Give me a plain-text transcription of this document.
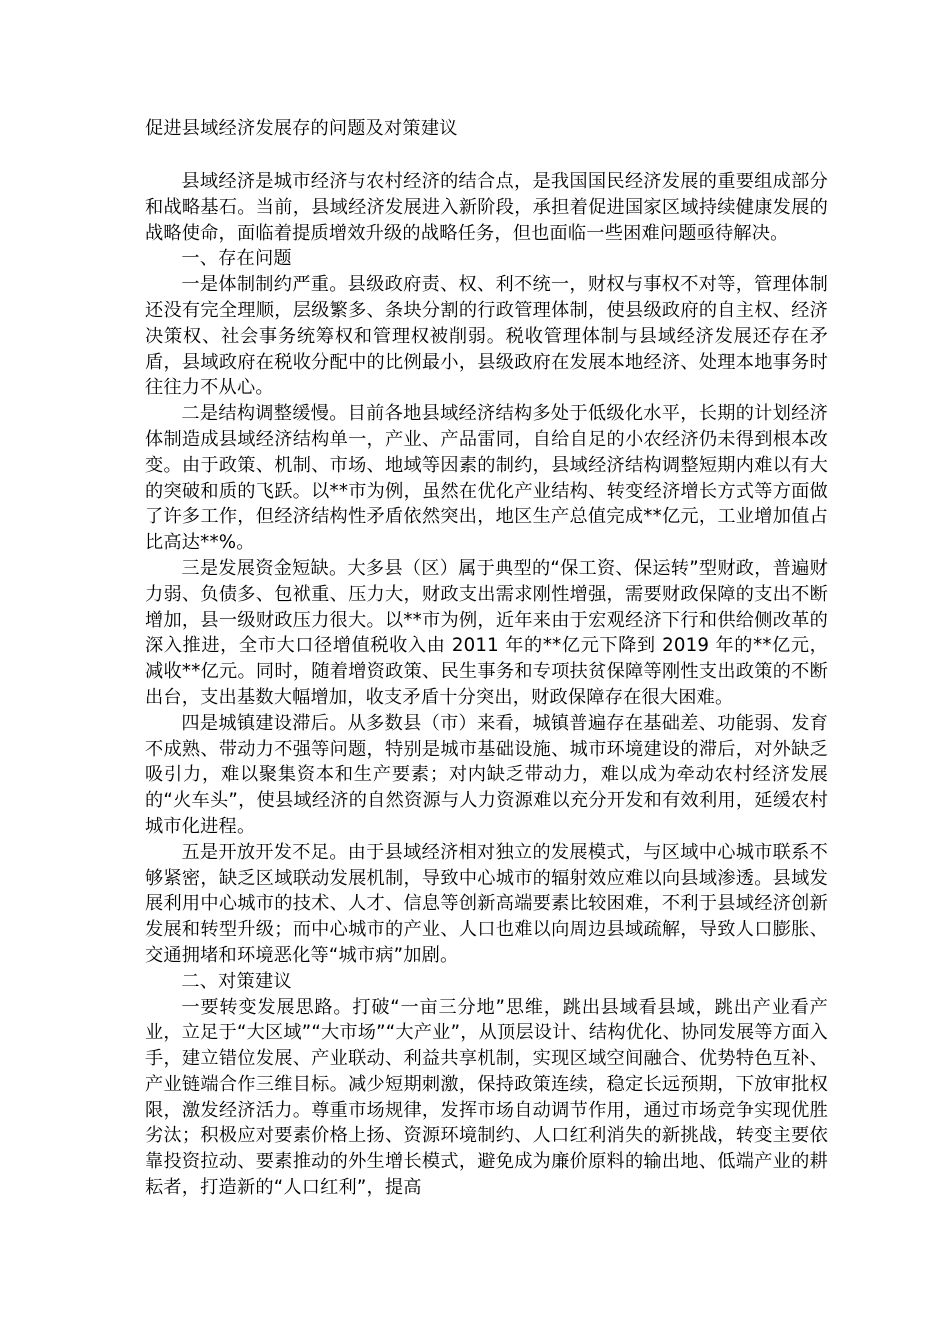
促进县域经济发展存的问题及对策建议

县域经济是城市经济与农村经济的结合点，是我国国民经济发展的重要组成部分和战略基石。当前，县域经济发展进入新阶段，承担着促进国家区域持续健康发展的战略使命，面临着提质增效升级的战略任务，但也面临一些困难问题亟待解决。

一、存在问题

一是体制制约严重。县级政府责、权、利不统一，财权与事权不对等，管理体制还没有完全理顺，层级繁多、条块分割的行政管理体制，使县级政府的自主权、经济决策权、社会事务统筹权和管理权被削弱。税收管理体制与县域经济发展还存在矛盾，县域政府在税收分配中的比例最小，县级政府在发展本地经济、处理本地事务时往往力不从心。

二是结构调整缓慢。目前各地县域经济结构多处于低级化水平，长期的计划经济体制造成县域经济结构单一，产业、产品雷同，自给自足的小农经济仍未得到根本改变。由于政策、机制、市场、地域等因素的制约，县域经济结构调整短期内难以有大的突破和质的飞跃。以**市为例，虽然在优化产业结构、转变经济增长方式等方面做了许多工作，但经济结构性矛盾依然突出，地区生产总值完成**亿元，工业增加值占比高达**%。

三是发展资金短缺。大多县（区）属于典型的“保工资、保运转”型财政，普遍财力弱、负债多、包袱重、压力大，财政支出需求刚性增强，需要财政保障的支出不断增加，县一级财政压力很大。以**市为例，近年来由于宏观经济下行和供给侧改革的深入推进，全市大口径增值税收入由 2011 年的**亿元下降到 2019 年的**亿元，减收**亿元。同时，随着增资政策、民生事务和专项扶贫保障等刚性支出政策的不断出台，支出基数大幅增加，收支矛盾十分突出，财政保障存在很大困难。

四是城镇建设滞后。从多数县（市）来看，城镇普遍存在基础差、功能弱、发育不成熟、带动力不强等问题，特别是城市基础设施、城市环境建设的滞后，对外缺乏吸引力，难以聚集资本和生产要素；对内缺乏带动力，难以成为牵动农村经济发展的“火车头”，使县域经济的自然资源与人力资源难以充分开发和有效利用，延缓农村城市化进程。

五是开放开发不足。由于县域经济相对独立的发展模式，与区域中心城市联系不够紧密，缺乏区域联动发展机制，导致中心城市的辐射效应难以向县域渗透。县域发展利用中心城市的技术、人才、信息等创新高端要素比较困难，不利于县域经济创新发展和转型升级；而中心城市的产业、人口也难以向周边县域疏解，导致人口膨胀、交通拥堵和环境恶化等“城市病”加剧。

二、对策建议

一要转变发展思路。打破“一亩三分地”思维，跳出县域看县域，跳出产业看产业，立足于“大区域”“大市场”“大产业”，从顶层设计、结构优化、协同发展等方面入手，建立错位发展、产业联动、利益共享机制，实现区域空间融合、优势特色互补、产业链端合作三维目标。减少短期刺激，保持政策连续，稳定长远预期，下放审批权限，激发经济活力。尊重市场规律，发挥市场自动调节作用，通过市场竞争实现优胜劣汰；积极应对要素价格上扬、资源环境制约、人口红利消失的新挑战，转变主要依靠投资拉动、要素推动的外生增长模式，避免成为廉价原料的输出地、低端产业的耕耘者，打造新的“人口红利”，提高
